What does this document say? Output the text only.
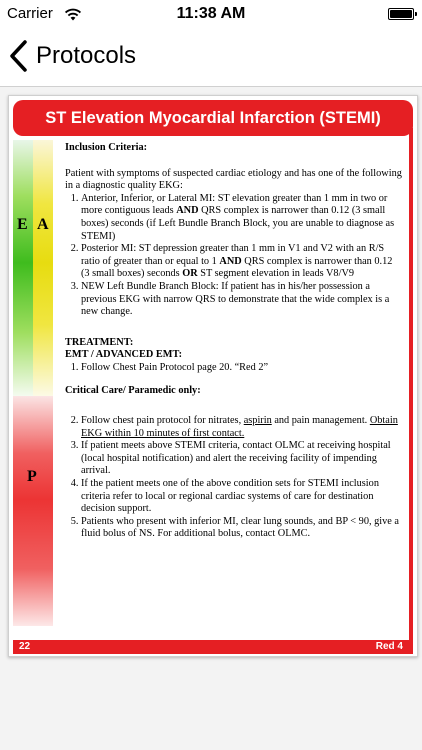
Carrier	11:38 AM
Protocols
ST Elevation Myocardial Infarction (STEMI)
E A
P

Inclusion Criteria:

Patient with symptoms of suspected cardiac etiology and has one of the following in a diagnostic quality EKG:

1. Anterior, Inferior, or Lateral MI: ST elevation greater than 1 mm in two or more contiguous leads AND QRS complex is narrower than 0.12 (3 small boxes) seconds (if Left Bundle Branch Block, you are unable to diagnose as STEMI)
2. Posterior MI: ST depression greater than 1 mm in V1 and V2 with an R/S ratio of greater than or equal to 1 AND QRS complex is narrower than 0.12 (3 small boxes) seconds OR ST segment elevation in leads V8/V9
3. NEW Left Bundle Branch Block: If patient has in his/her possession a previous EKG with narrow QRS to demonstrate that the wide complex is a new change.

TREATMENT:

EMT / ADVANCED EMT:

1. Follow Chest Pain Protocol page 20. “Red 2”

Critical Care/ Paramedic only:

2. Follow chest pain protocol for nitrates, aspirin and pain management. Obtain EKG within 10 minutes of first contact.
3. If patient meets above STEMI criteria, contact OLMC at receiving hospital (local hospital notification) and alert the receiving facility of impending arrival.
4. If the patient meets one of the above condition sets for STEMI inclusion criteria refer to local or regional cardiac systems of care for destination decision support.
5. Patients who present with inferior MI, clear lung sounds, and BP < 90, give a fluid bolus of NS. For additional bolus, contact OLMC.
22	Red 4
